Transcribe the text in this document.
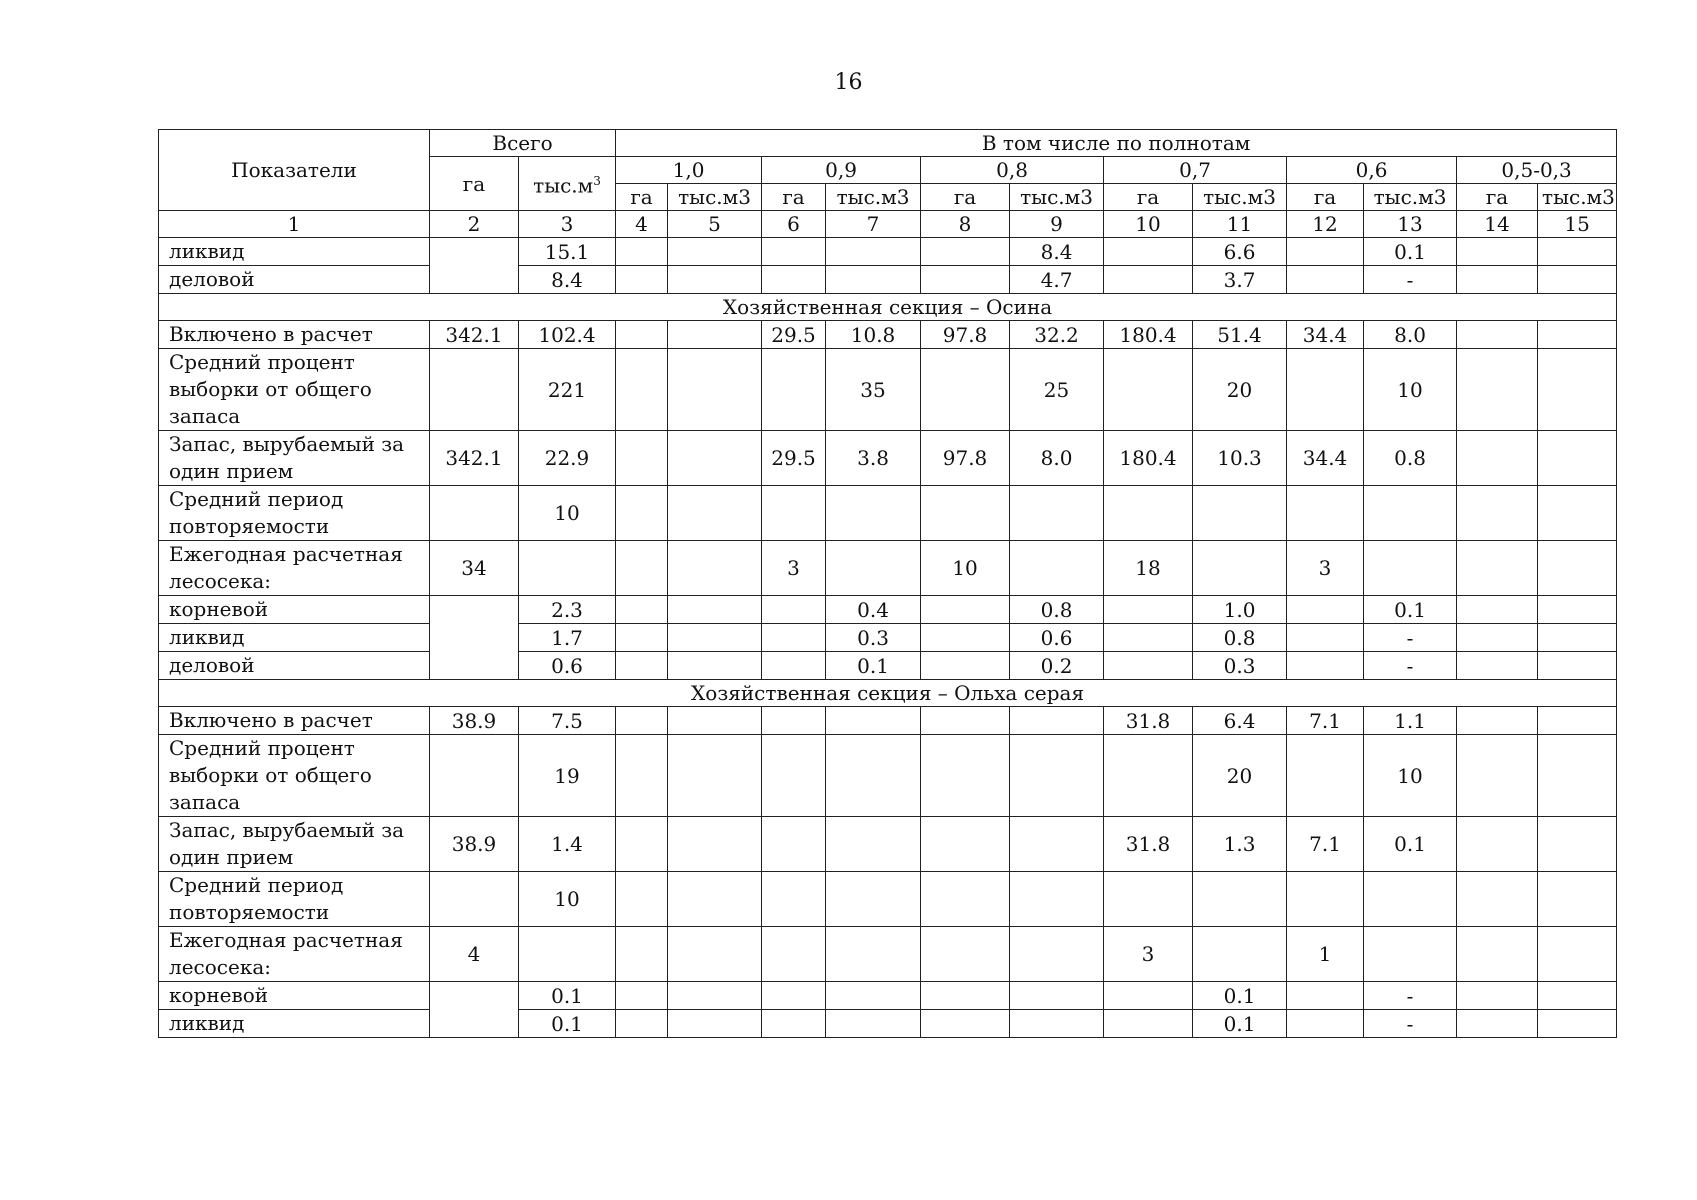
16
Показатели	Всего		В том числе по полнотам											
	га	$тыс.м^3$	1,0		0,9		0,8		0,7		0,6		0,5-0,3	
			га	тыс.м3	га	тыс.м3	га	тыс.м3	га	тыс.м3	га	тыс.м3	га	тыс.м3
1	2	3	4	5	6	7	8	9	10	11	12	13	14	15
ликвид		15.1						8.4		6.6		0.1		
деловой		8.4						4.7		3.7		-		
Хозяйственная секция – Осина														
Включено в расчет	342.1	102.4			29.5	10.8	97.8	32.2	180.4	51.4	34.4	8.0		
Средний процент выборки от общего запаса		221				35		25		20		10		
Запас, вырубаемый за один прием	342.1	22.9			29.5	3.8	97.8	8.0	180.4	10.3	34.4	0.8		
Средний период повторяемости		10												
Ежегодная расчетная лесосека:	34				3		10		18		3			
корневой		2.3				0.4		0.8		1.0		0.1		
ликвид		1.7				0.3		0.6		0.8		-		
деловой		0.6				0.1		0.2		0.3		-		
Хозяйственная секция – Ольха серая														
Включено в расчет	38.9	7.5							31.8	6.4	7.1	1.1		
Средний процент выборки от общего запаса		19								20		10		
Запас, вырубаемый за один прием	38.9	1.4							31.8	1.3	7.1	0.1		
Средний период повторяемости		10												
Ежегодная расчетная лесосека:	4								3		1			
корневой		0.1								0.1		-		
ликвид		0.1								0.1		-		
